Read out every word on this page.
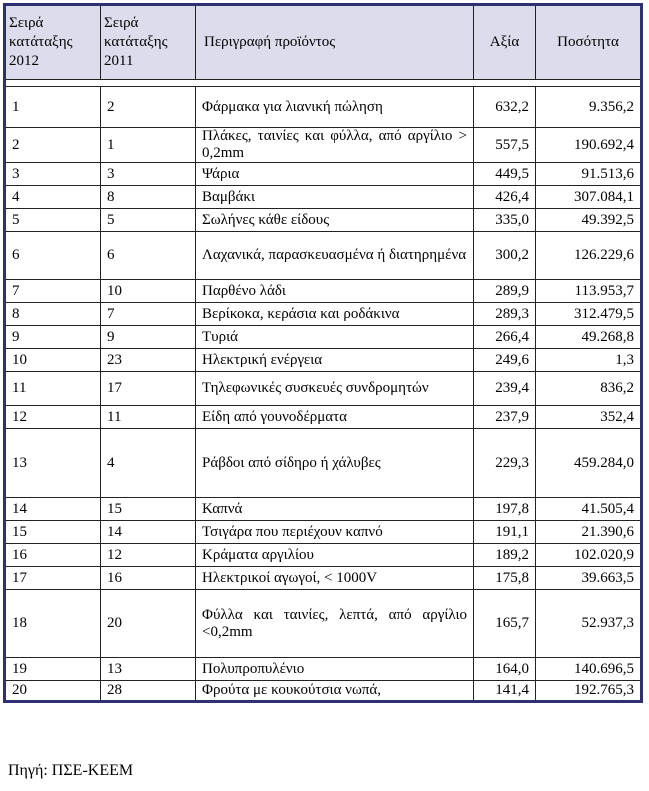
Σειρά κατάταξης 2012	Σειρά κατάταξης 2011	Περιγραφή προϊόντος	Αξία	Ποσότητα

1	2	Φάρμακα για λιανική πώληση	632,2	9.356,2
2	1	Πλάκες, ταινίες και φύλλα, από αργίλιο > 0,2mm	557,5	190.692,4
3	3	Ψάρια	449,5	91.513,6
4	8	Βαμβάκι	426,4	307.084,1
5	5	Σωλήνες κάθε είδους	335,0	49.392,5
6	6	Λαχανικά, παρασκευασμένα ή διατηρημένα	300,2	126.229,6
7	10	Παρθένο λάδι	289,9	113.953,7
8	7	Βερίκοκα, κεράσια και ροδάκινα	289,3	312.479,5
9	9	Τυριά	266,4	49.268,8
10	23	Ηλεκτρική ενέργεια	249,6	1,3
11	17	Τηλεφωνικές συσκευές συνδρομητών	239,4	836,2
12	11	Είδη από γουνοδέρματα	237,9	352,4
13	4	Ράβδοι από σίδηρο ή χάλυβες	229,3	459.284,0
14	15	Καπνά	197,8	41.505,4
15	14	Τσιγάρα που περιέχουν καπνό	191,1	21.390,6
16	12	Κράματα αργιλίου	189,2	102.020,9
17	16	Ηλεκτρικοί αγωγοί, < 1000V	175,8	39.663,5
18	20	Φύλλα και ταινίες, λεπτά, από αργίλιο <0,2mm	165,7	52.937,3
19	13	Πολυπροπυλένιο	164,0	140.696,5
20	28	Φρούτα με κουκούτσια νωπά,	141,4	192.765,3
Πηγή: ΠΣΕ-ΚΕΕΜ
